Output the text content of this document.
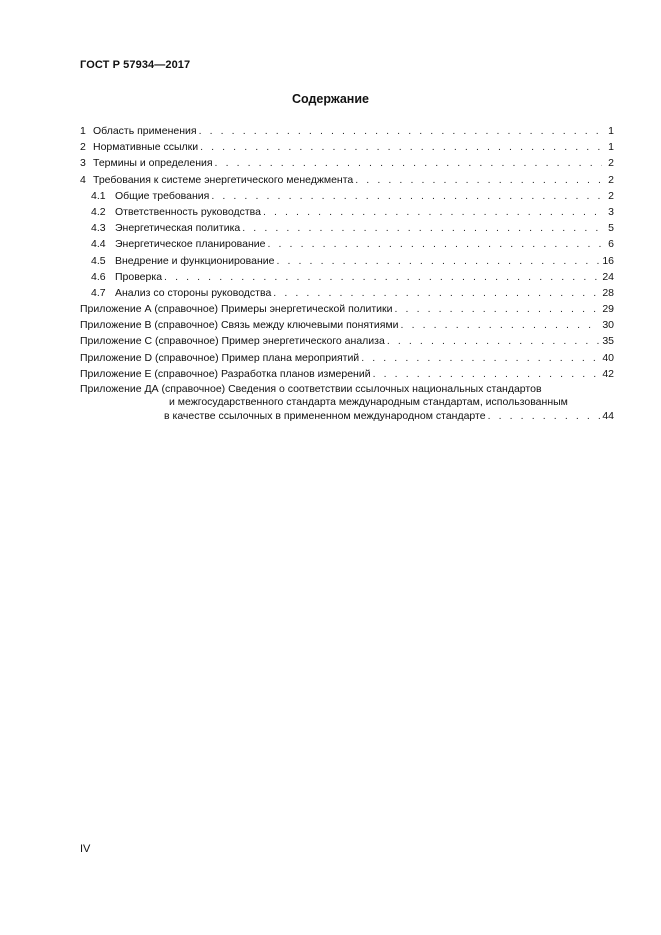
ГОСТ Р 57934—2017
Содержание
1 Область применения . . .	1
2 Нормативные ссылки . . .	1
3 Термины и определения . . .	2
4 Требования к системе энергетического менеджмента . . .	2
4.1 Общие требования . . .	2
4.2 Ответственность руководства . . .	3
4.3 Энергетическая политика . . .	5
4.4 Энергетическое планирование . . .	6
4.5 Внедрение и функционирование . . .	16
4.6 Проверка . . .	24
4.7 Анализ со стороны руководства . . .	28
Приложение А (справочное) Примеры энергетической политики . . .	29
Приложение В (справочное) Связь между ключевыми понятиями . . .	30
Приложение С (справочное) Пример энергетического анализа . . .	35
Приложение D (справочное) Пример плана мероприятий . . .	40
Приложение Е (справочное) Разработка планов измерений . . .	42
Приложение ДА (справочное) Сведения о соответствии ссылочных национальных стандартов
и межгосударственного стандарта международным стандартам, использованным
в качестве ссылочных в примененном международном стандарте . . .	44
IV
